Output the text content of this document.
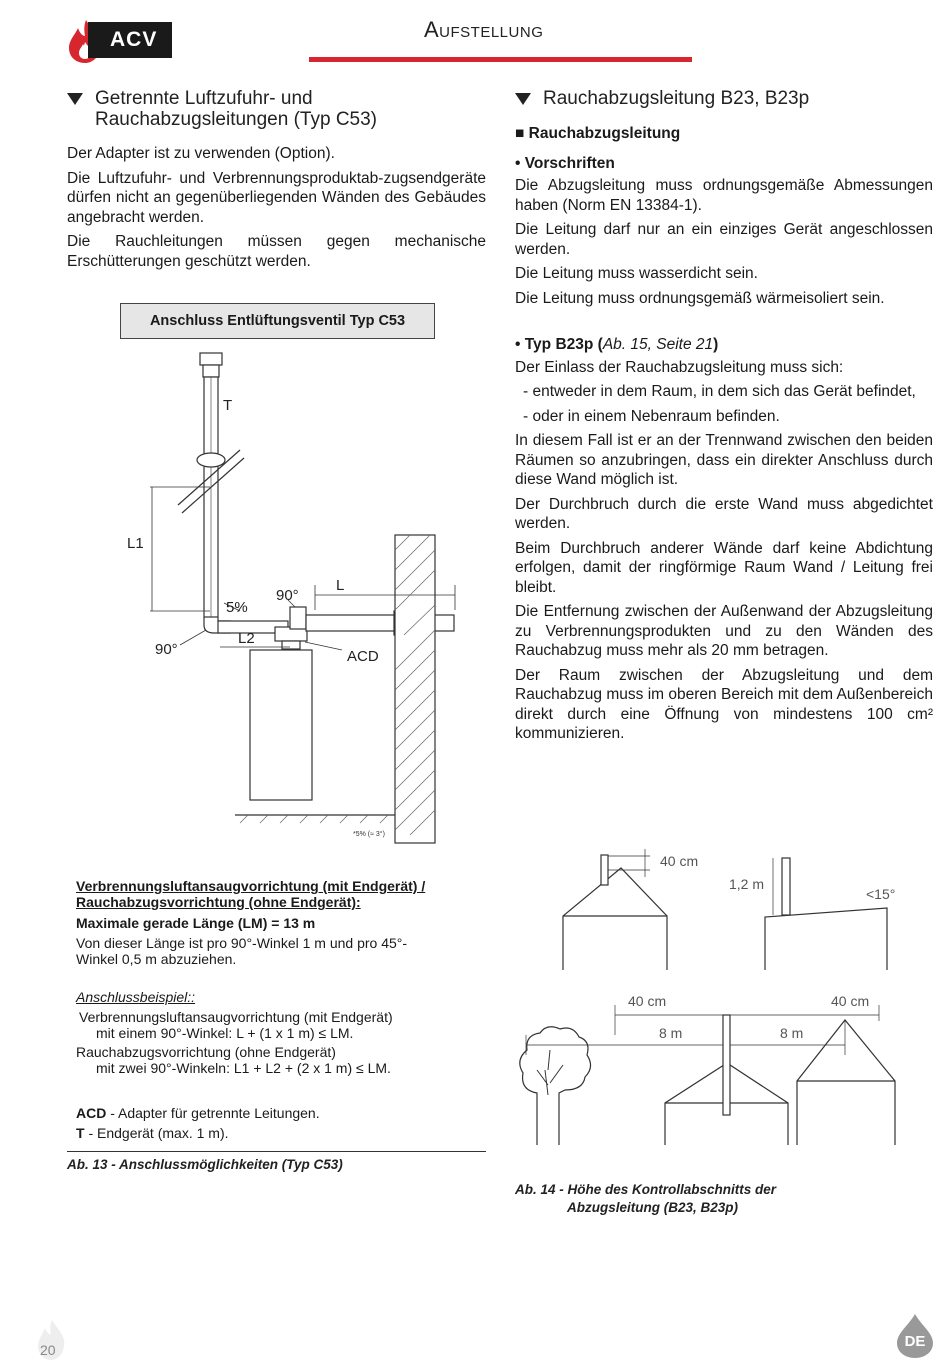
ACV	Aufstellung
Getrennte Luftzufuhr- und Rauchabzugsleitungen (Typ C53)

Der Adapter ist zu verwenden (Option).

Die Luftzufuhr- und Verbrennungsproduktab-zugsendgeräte dürfen nicht an gegenüberliegenden Wänden des Gebäudes angebracht werden.

Die Rauchleitungen müssen gegen mechanische Erschütterungen geschützt werden.

Anschluss Entlüftungsventil Typ C53
T
L1
90°
L
5%
L2
90°	ACD
*5% (≈ 3°)
Verbrennungsluftansaugvorrichtung (mit Endgerät) /
Rauchabzugsvorrichtung (ohne Endgerät):
Maximale gerade Länge (LM) = 13 m
Von dieser Länge ist pro 90°-Winkel 1 m und pro 45°-Winkel 0,5 m abzuziehen.
Anschlussbeispiel::
Verbrennungsluftansaugvorrichtung (mit Endgerät)
mit einem 90°-Winkel: L + (1 x 1 m) ≤ LM.
Rauchabzugsvorrichtung (ohne Endgerät)
mit zwei 90°-Winkeln: L1 + L2 + (2 x 1 m) ≤ LM.
ACD - Adapter für getrennte Leitungen.
T - Endgerät (max. 1 m).
Ab. 13 - Anschlussmöglichkeiten (Typ C53)
Rauchabzugsleitung B23, B23p
■ Rauchabzugsleitung
• Vorschriften

Die Abzugsleitung muss ordnungsgemäße Abmessungen haben (Norm EN 13384-1).

Die Leitung darf nur an ein einziges Gerät angeschlossen werden.

Die Leitung muss wasserdicht sein.

Die Leitung muss ordnungsgemäß wärmeisoliert sein.

• Typ B23p (Ab. 15, Seite 21)

Der Einlass der Rauchabzugsleitung muss sich:

- entweder in dem Raum, in dem sich das Gerät befindet,

- oder in einem Nebenraum befinden.

In diesem Fall ist er an der Trennwand zwischen den beiden Räumen so anzubringen, dass ein direkter Anschluss durch diese Wand möglich ist.

Der Durchbruch durch die erste Wand muss abgedichtet werden.

Beim Durchbruch anderer Wände darf keine Abdichtung erfolgen, damit der ringförmige Raum Wand / Leitung frei bleibt.

Die Entfernung zwischen der Außenwand der Abzugsleitung zu Verbrennungsprodukten und zu den Wänden des Rauchabzug muss mehr als 20 mm betragen.

Der Raum zwischen der Abzugsleitung und dem Rauchabzug muss im oberen Bereich mit dem Außenbereich direkt durch eine Öffnung von mindestens 100 cm² kommunizieren.

40 cm
1,2 m
<15°
40 cm	40 cm
8 m	8 m
Ab. 14 - Höhe des Kontrollabschnitts der
Abzugsleitung (B23, B23p)
20	DE
